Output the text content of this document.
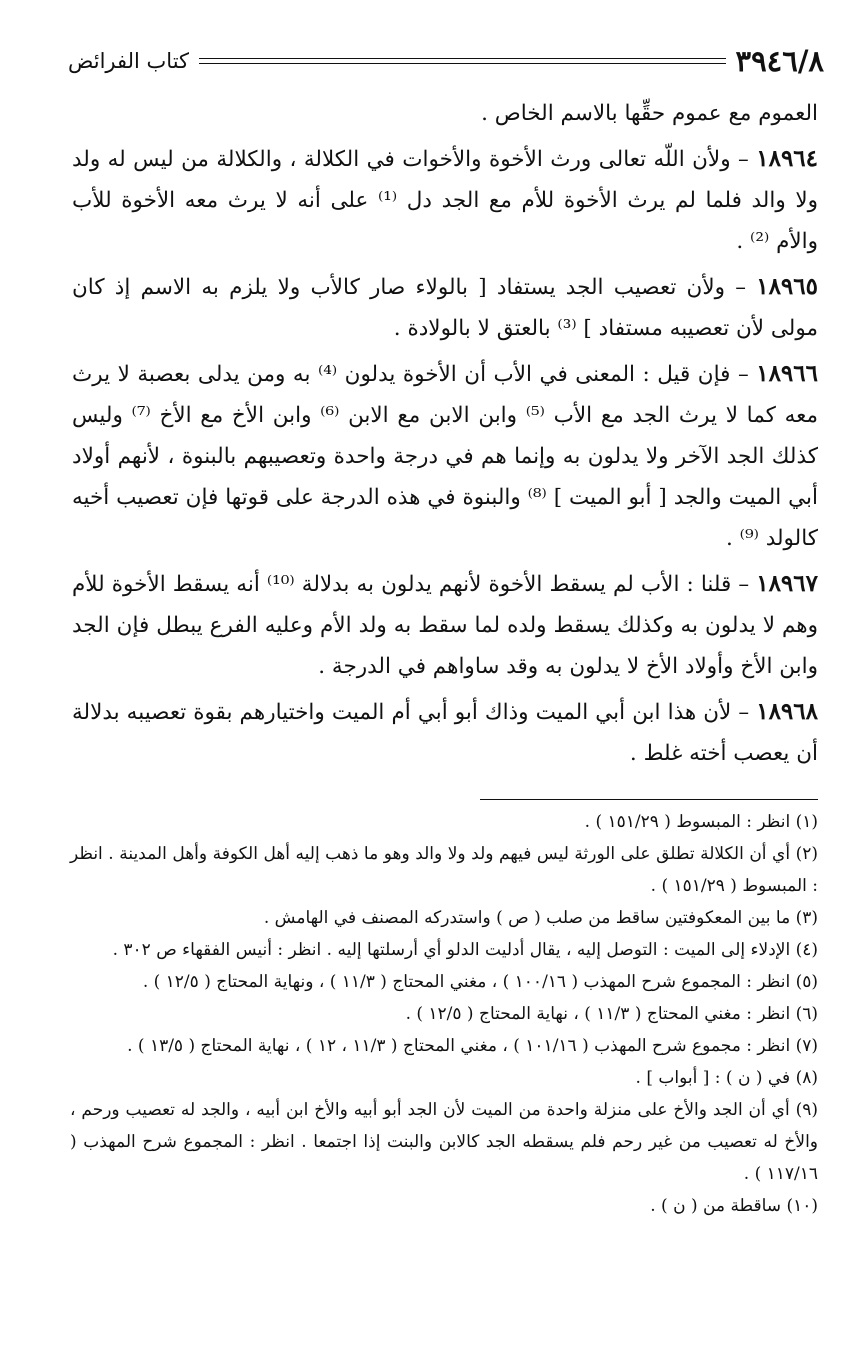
٣٩٤٦/٨
كتاب الفرائض

العموم مع عموم حقِّها بالاسم الخاص .

١٨٩٦٤ – ولأن اللّه تعالى ورث الأخوة والأخوات في الكلالة ، والكلالة من ليس له ولد ولا والد فلما لم يرث الأخوة للأم مع الجد دل ⁽¹⁾ على أنه لا يرث معه الأخوة للأب والأم ⁽²⁾ .

١٨٩٦٥ – ولأن تعصيب الجد يستفاد [ بالولاء صار كالأب ولا يلزم به الاسم إذ كان مولى لأن تعصيبه مستفاد ] ⁽³⁾ بالعتق لا بالولادة .

١٨٩٦٦ – فإن قيل : المعنى في الأب أن الأخوة يدلون ⁽⁴⁾ به ومن يدلى بعصبة لا يرث معه كما لا يرث الجد مع الأب ⁽⁵⁾ وابن الابن مع الابن ⁽⁶⁾ وابن الأخ مع الأخ ⁽⁷⁾ وليس كذلك الجد الآخر ولا يدلون به وإنما هم في درجة واحدة وتعصيبهم بالبنوة ، لأنهم أولاد أبي الميت والجد [ أبو الميت ] ⁽⁸⁾ والبنوة في هذه الدرجة على قوتها فإن تعصيب أخيه كالولد ⁽⁹⁾ .

١٨٩٦٧ – قلنا : الأب لم يسقط الأخوة لأنهم يدلون به بدلالة ⁽¹⁰⁾ أنه يسقط الأخوة للأم وهم لا يدلون به وكذلك يسقط ولده لما سقط به ولد الأم وعليه الفرع يبطل فإن الجد وابن الأخ وأولاد الأخ لا يدلون به وقد ساواهم في الدرجة .

١٨٩٦٨ – لأن هذا ابن أبي الميت وذاك أبو أبي أم الميت واختيارهم بقوة تعصيبه بدلالة أن يعصب أخته غلط .

(١) انظر : المبسوط ( ١٥١/٢٩ ) .

(٢) أي أن الكلالة تطلق على الورثة ليس فيهم ولد ولا والد وهو ما ذهب إليه أهل الكوفة وأهل المدينة . انظر : المبسوط ( ١٥١/٢٩ ) .

(٣) ما بين المعكوفتين ساقط من صلب ( ص ) واستدركه المصنف في الهامش .

(٤) الإدلاء إلى الميت : التوصل إليه ، يقال أدليت الدلو أي أرسلتها إليه . انظر : أنيس الفقهاء ص ٣٠٢ .

(٥) انظر : المجموع شرح المهذب ( ١٠٠/١٦ ) ، مغني المحتاج ( ١١/٣ ) ، ونهاية المحتاج ( ١٢/٥ ) .

(٦) انظر : مغني المحتاج ( ١١/٣ ) ، نهاية المحتاج ( ١٢/٥ ) .

(٧) انظر : مجموع شرح المهذب ( ١٠١/١٦ ) ، مغني المحتاج ( ١١/٣ ، ١٢ ) ، نهاية المحتاج ( ١٣/٥ ) .

(٨) في ( ن ) : [ أبواب ] .

(٩) أي أن الجد والأخ على منزلة واحدة من الميت لأن الجد أبو أبيه والأخ ابن أبيه ، والجد له تعصيب ورحم ، والأخ له تعصيب من غير رحم فلم يسقطه الجد كالابن والبنت إذا اجتمعا . انظر : المجموع شرح المهذب ( ١١٧/١٦ ) .

(١٠) ساقطة من ( ن ) .
